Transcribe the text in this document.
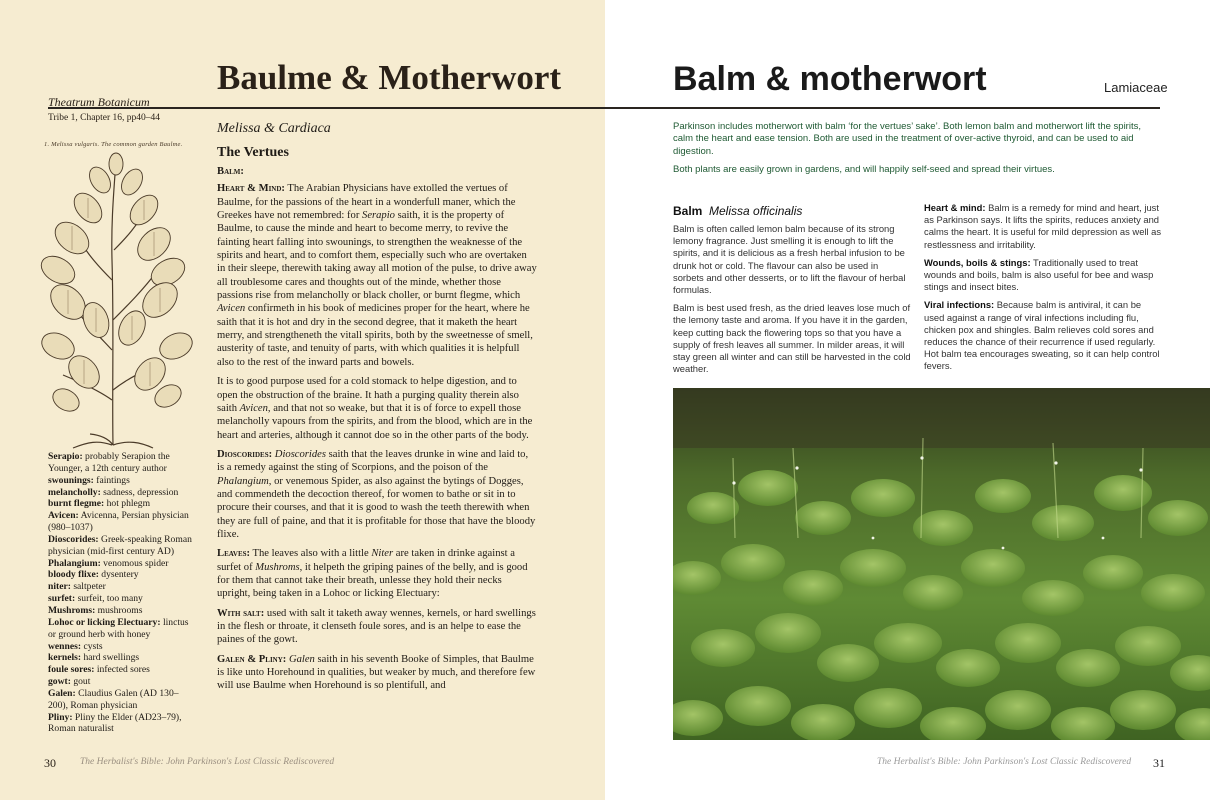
Baulme & Motherwort	Balm & motherwort	Lamiaceae
Theatrum Botanicum
Tribe 1, Chapter 16, pp40–44
1. Melissa vulgaris. The common garden Baulme.

Serapio: probably Serapion the Younger, a 12th century author

swounings: faintings

melancholly: sadness, depression

burnt flegme: hot phlegm

Avicen: Avicenna, Persian physician (980–1037)

Dioscorides: Greek-speaking Roman physician (mid-first century AD)

Phalangium: venomous spider

bloody flixe: dysentery

niter: saltpeter

surfet: surfeit, too many

Mushroms: mushrooms

Lohoc or licking Electuary: linctus or ground herb with honey

wennes: cysts

kernels: hard swellings

foule sores: infected sores

gowt: gout

Galen: Claudius Galen (AD 130–200), Roman physician

Pliny: Pliny the Elder (AD23–79), Roman naturalist

Melissa & Cardiaca
The Vertues
Balm:

Heart & Mind: The Arabian Physicians have extolled the vertues of Baulme, for the passions of the heart in a wonderfull maner, which the Greekes have not remembred: for Serapio saith, it is the property of Baulme, to cause the minde and heart to become merry, to revive the fainting heart falling into swounings, to strengthen the weaknesse of the spirits and heart, and to comfort them, especially such who are overtaken in their sleepe, therewith taking away all motion of the pulse, to drive away all troublesome cares and thoughts out of the minde, whether those passions rise from melancholly or black choller, or burnt flegme, which Avicen confirmeth in his book of medicines proper for the heart, where he saith that it is hot and dry in the second degree, that it maketh the heart merry, and strengtheneth the vitall spirits, both by the sweetnesse of smell, austerity of taste, and tenuity of parts, with which qualities it is helpfull also to the rest of the inward parts and bowels.

It is to good purpose used for a cold stomack to helpe digestion, and to open the obstruction of the braine. It hath a purging quality therein also saith Avicen, and that not so weake, but that it is of force to expell those melancholly vapours from the spirits, and from the blood, which are in the heart and arteries, although it cannot doe so in the other parts of the body.

Dioscorides: Dioscorides saith that the leaves drunke in wine and laid to, is a remedy against the sting of Scorpions, and the poison of the Phalangium, or venemous Spider, as also against the bytings of Dogges, and commendeth the decoction thereof, for women to bathe or sit in to procure their courses, and that it is good to wash the teeth therewith when they are full of paine, and that it is profitable for those that have the bloody flixe.

Leaves: The leaves also with a little Niter are taken in drinke against a surfet of Mushroms, it helpeth the griping paines of the belly, and is good for them that cannot take their breath, unlesse they hold their necks upright, being taken in a Lohoc or licking Electuary:

With salt: used with salt it taketh away wennes, kernels, or hard swellings in the flesh or throate, it clenseth foule sores, and is an helpe to ease the paines of the gowt.

Galen & Pliny: Galen saith in his seventh Booke of Simples, that Baulme is like unto Horehound in qualities, but weaker by much, and therefore few will use Baulme when Horehound is so plentifull, and

Parkinson includes motherwort with balm ‘for the vertues’ sake’. Both lemon balm and motherwort lift the spirits, calm the heart and ease tension. Both are used in the treatment of over-active thyroid, and can be used to aid digestion.

Both plants are easily grown in gardens, and will happily self-seed and spread their virtues.

Balm Melissa officinalis

Balm is often called lemon balm because of its strong lemony fragrance. Just smelling it is enough to lift the spirits, and it is delicious as a fresh herbal infusion to be drunk hot or cold. The flavour can also be used in sorbets and other desserts, or to lift the flavour of herbal formulas.

Balm is best used fresh, as the dried leaves lose much of the lemony taste and aroma. If you have it in the garden, keep cutting back the flowering tops so that you have a supply of fresh leaves all summer. In milder areas, it will stay green all winter and can still be harvested in the cold weather.

Heart & mind: Balm is a remedy for mind and heart, just as Parkinson says. It lifts the spirits, reduces anxiety and calms the heart. It is useful for mild depression as well as restlessness and irritability.

Wounds, boils & stings: Traditionally used to treat wounds and boils, balm is also useful for bee and wasp stings and insect bites.

Viral infections: Because balm is antiviral, it can be used against a range of viral infections including flu, chicken pox and shingles. Balm relieves cold sores and reduces the chance of their recurrence if used regularly. Hot balm tea encourages sweating, so it can help control fevers.

30	The Herbalist's Bible: John Parkinson's Lost Classic Rediscovered	The Herbalist's Bible: John Parkinson's Lost Classic Rediscovered 31
